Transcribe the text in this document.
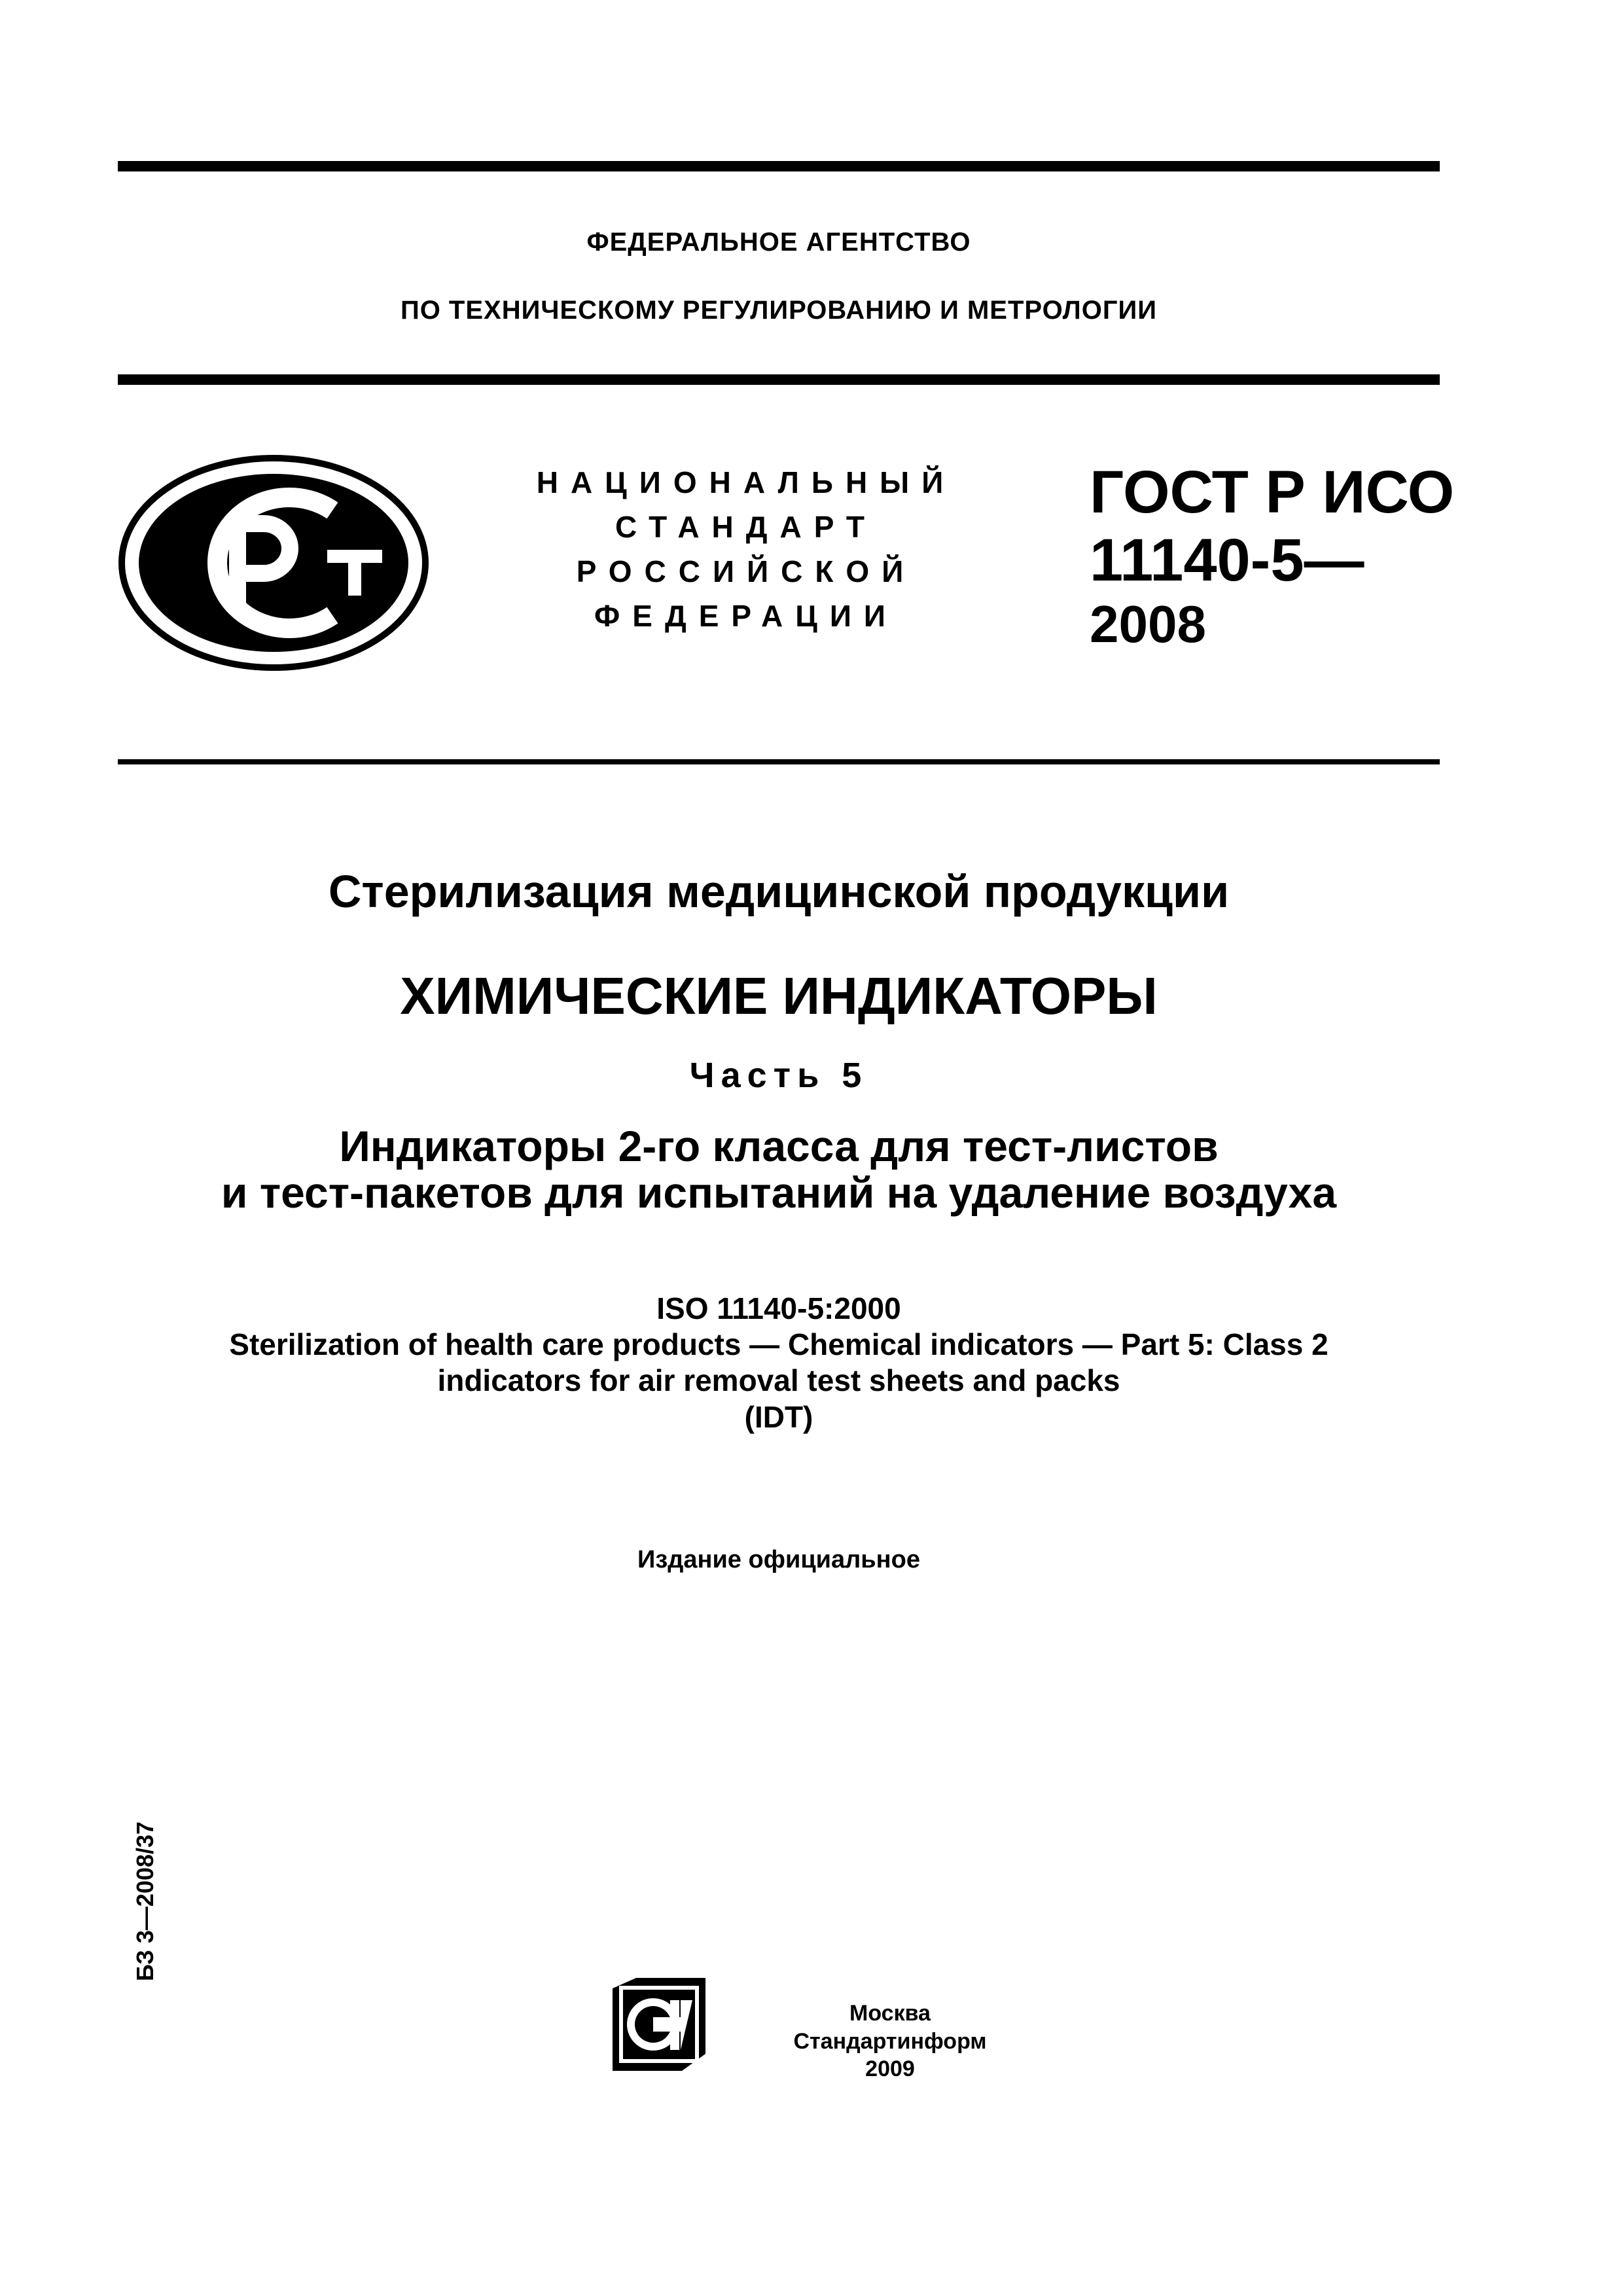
ФЕДЕРАЛЬНОЕ АГЕНТСТВО
ПО ТЕХНИЧЕСКОМУ РЕГУЛИРОВАНИЮ И МЕТРОЛОГИИ
НАЦИОНАЛЬНЫЙ
СТАНДАРТ
РОССИЙСКОЙ
ФЕДЕРАЦИИ
ГОСТ Р ИСО
11140-5—
2008
Стерилизация медицинской продукции
ХИМИЧЕСКИЕ ИНДИКАТОРЫ
Часть 5
Индикаторы 2-го класса для тест-листов
и тест-пакетов для испытаний на удаление воздуха
ISO 11140-5:2000
Sterilization of health care products — Chemical indicators — Part 5: Class 2
indicators for air removal test sheets and packs
(IDT)
Издание официальное
БЗ 3—2008/37
Москва
Стандартинформ
2009
